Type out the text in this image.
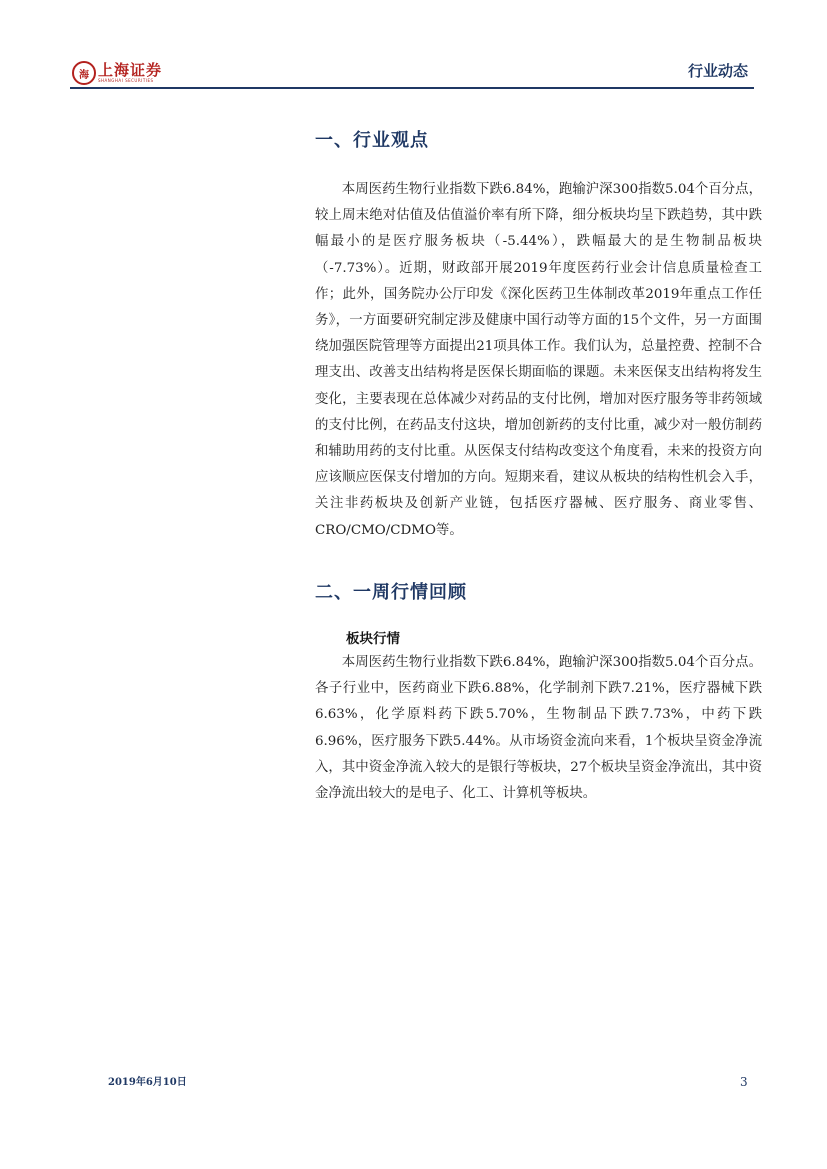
海 上海证券
SHANGHAI SECURITIES
行业动态
一、行业观点

本周医药生物行业指数下跌6.84%，跑输沪深300指数5.04个百分点，较上周末绝对估值及估值溢价率有所下降，细分板块均呈下跌趋势，其中跌幅最小的是医疗服务板块（-5.44%），跌幅最大的是生物制品板块（-7.73%）。近期，财政部开展2019年度医药行业会计信息质量检查工作；此外，国务院办公厅印发《深化医药卫生体制改革2019年重点工作任务》，一方面要研究制定涉及健康中国行动等方面的15个文件，另一方面围绕加强医院管理等方面提出21项具体工作。我们认为，总量控费、控制不合理支出、改善支出结构将是医保长期面临的课题。未来医保支出结构将发生变化，主要表现在总体减少对药品的支付比例，增加对医疗服务等非药领域的支付比例，在药品支付这块，增加创新药的支付比重，减少对一般仿制药和辅助用药的支付比重。从医保支付结构改变这个角度看，未来的投资方向应该顺应医保支付增加的方向。短期来看，建议从板块的结构性机会入手，关注非药板块及创新产业链，包括医疗器械、医疗服务、商业零售、CRO/CMO/CDMO等。

二、一周行情回顾
板块行情

本周医药生物行业指数下跌6.84%，跑输沪深300指数5.04个百分点。各子行业中，医药商业下跌6.88%，化学制剂下跌7.21%，医疗器械下跌6.63%，化学原料药下跌5.70%，生物制品下跌7.73%，中药下跌6.96%，医疗服务下跌5.44%。从市场资金流向来看，1个板块呈资金净流入，其中资金净流入较大的是银行等板块，27个板块呈资金净流出，其中资金净流出较大的是电子、化工、计算机等板块。

2019年6月10日	3
